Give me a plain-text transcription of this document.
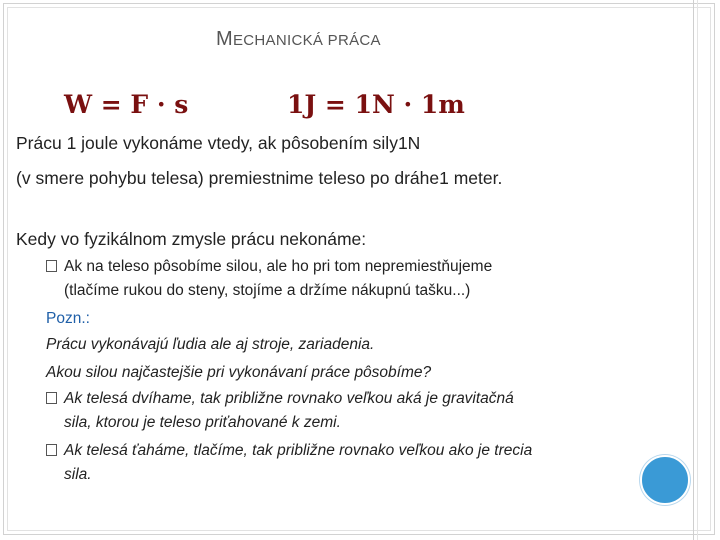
MECHANICKÁ PRÁCA
W = F · s	1J = 1N · 1m
Prácu 1 joule vykonáme vtedy, ak pôsobením sily1N
(v smere pohybu telesa) premiestnime teleso po dráhe1 meter.
Kedy vo fyzikálnom zmysle prácu nekonáme:
Ak na teleso pôsobíme silou, ale ho pri tom nepremiestňujeme
(tlačíme rukou do steny, stojíme a držíme nákupnú tašku...)
Pozn.:
Prácu vykonávajú ľudia ale aj stroje, zariadenia.
Akou silou najčastejšie pri vykonávaní práce pôsobíme?
Ak telesá dvíhame, tak približne rovnako veľkou aká je gravitačná
sila, ktorou je teleso priťahované k zemi.
Ak telesá ťaháme, tlačíme, tak približne rovnako veľkou ako je trecia
sila.
